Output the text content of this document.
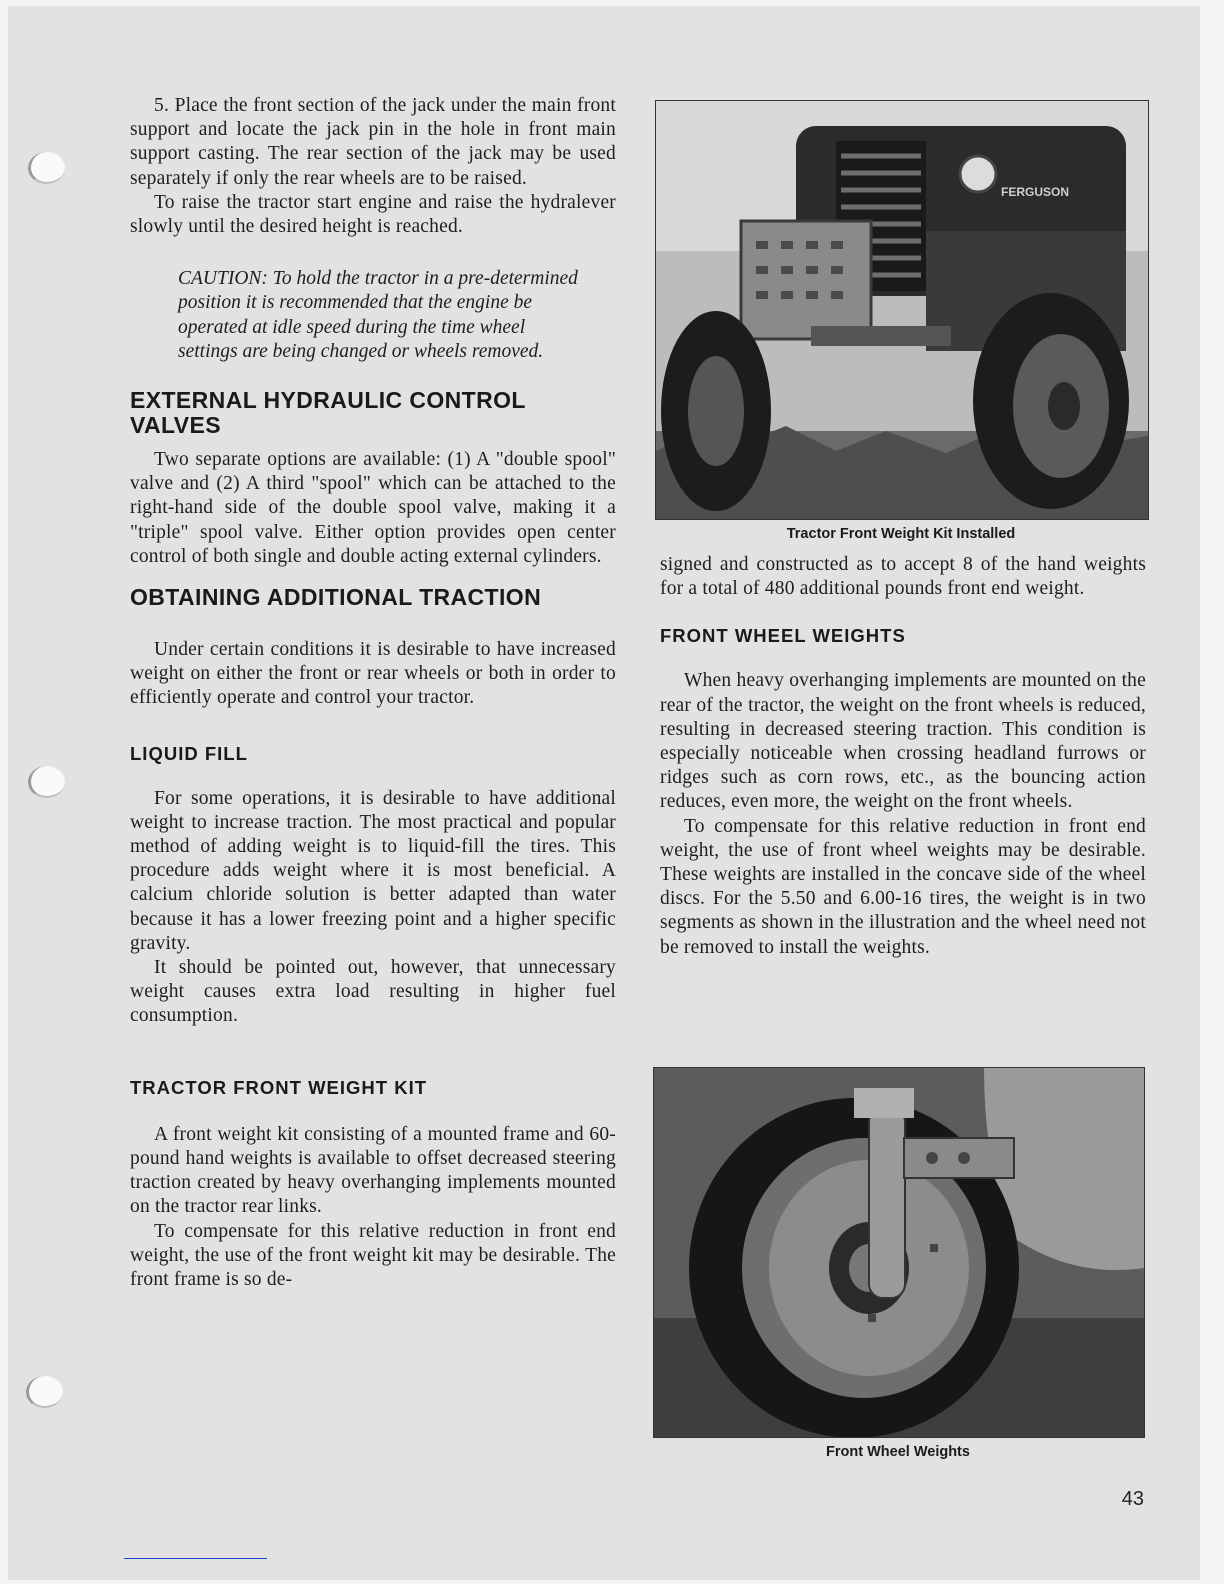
5. Place the front section of the jack under the main front support and locate the jack pin in the hole in front main support casting. The rear section of the jack may be used separately if only the rear wheels are to be raised.

To raise the tractor start engine and raise the hydralever slowly until the desired height is reached.

CAUTION: To hold the tractor in a pre-determined position it is recommended that the engine be operated at idle speed during the time wheel settings are being changed or wheels removed.

EXTERNAL HYDRAULIC CONTROL VALVES

Two separate options are available: (1) A "double spool" valve and (2) A third "spool" which can be attached to the right-hand side of the double spool valve, making it a "triple" spool valve. Either option provides open center control of both single and double acting external cylinders.

OBTAINING ADDITIONAL TRACTION

Under certain conditions it is desirable to have increased weight on either the front or rear wheels or both in order to efficiently operate and control your tractor.

LIQUID FILL

For some operations, it is desirable to have additional weight to increase traction. The most practical and popular method of adding weight is to liquid-fill the tires. This procedure adds weight where it is most beneficial. A calcium chloride solution is better adapted than water because it has a lower freezing point and a higher specific gravity.

It should be pointed out, however, that unnecessary weight causes extra load resulting in higher fuel consumption.

TRACTOR FRONT WEIGHT KIT

A front weight kit consisting of a mounted frame and 60-pound hand weights is available to offset decreased steering traction created by heavy overhanging implements mounted on the tractor rear links.

To compensate for this relative reduction in front end weight, the use of the front weight kit may be desirable. The front frame is so de-

FERGUSON
Tractor Front Weight Kit Installed

signed and constructed as to accept 8 of the hand weights for a total of 480 additional pounds front end weight.

FRONT WHEEL WEIGHTS

When heavy overhanging implements are mounted on the rear of the tractor, the weight on the front wheels is reduced, resulting in decreased steering traction. This condition is especially noticeable when crossing headland furrows or ridges such as corn rows, etc., as the bouncing action reduces, even more, the weight on the front wheels.

To compensate for this relative reduction in front end weight, the use of front wheel weights may be desirable. These weights are installed in the concave side of the wheel discs. For the 5.50 and 6.00-16 tires, the weight is in two segments as shown in the illustration and the wheel need not be removed to install the weights.

Front Wheel Weights
43
